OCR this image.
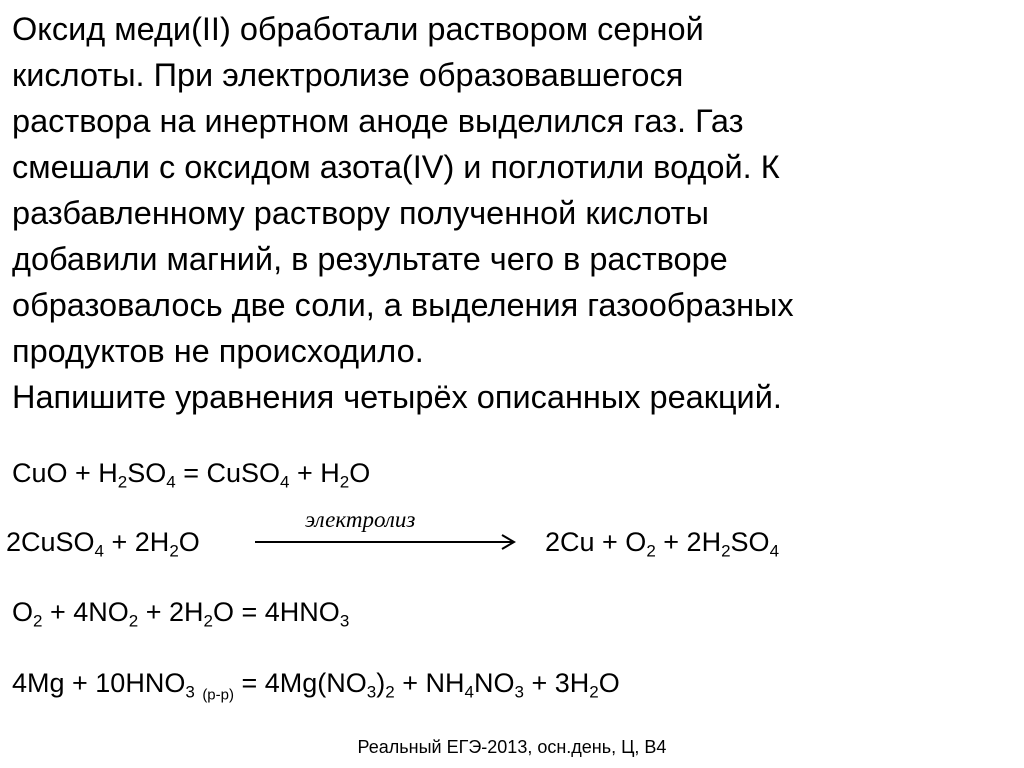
Оксид меди(II) обработали раствором серной
кислоты. При электролизе образовавшегося
раствора на инертном аноде выделился газ. Газ
смешали с оксидом азота(IV) и поглотили водой. К
разбавленному раствору полученной кислоты
добавили магний, в результате чего в растворе
образовалось две соли, а выделения газообразных
продуктов не происходило.
Напишите уравнения четырёх описанных реакций.
CuO + $H_2SO_4$ = CuSO$_4$ + $H_2O$
2CuSO$_4$ + $2H_2O$
электролиз
$2Cu + O_2 + 2H_2SO_4$
$O_2 + 4NO_2 + 2H_2O = 4HNO_3$
$4Mg + 10HNO_3$ $_{(р-р)} = 4Mg(NO_3)_2 + NH_4NO_3 + 3H_2O$
Реальный ЕГЭ-2013, осн.день, Ц, В4
